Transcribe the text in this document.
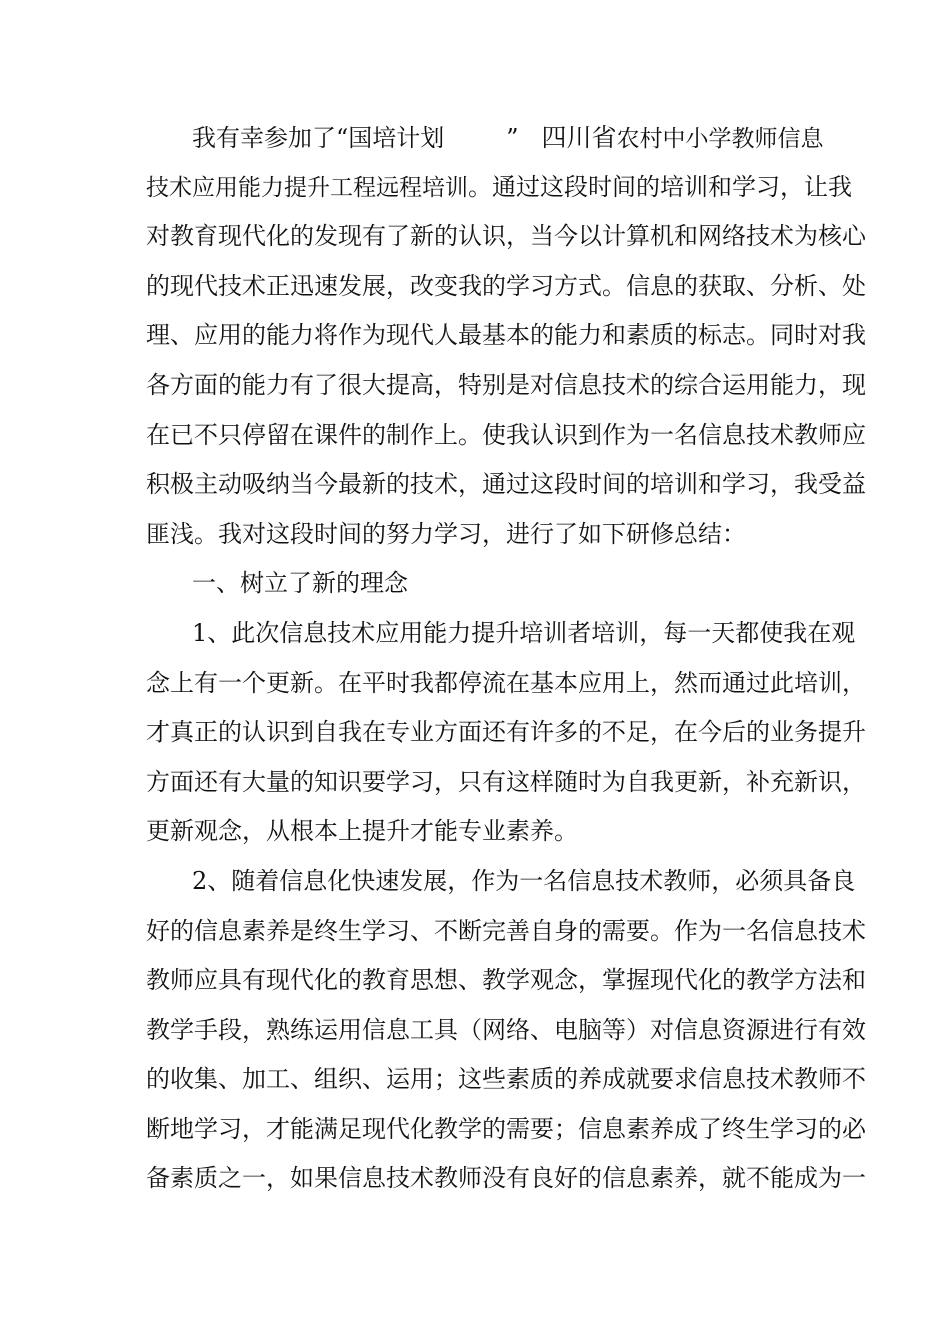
我有幸参加了“国培计划	” 四川省农村中小学教师信息
技术应用能力提升工程远程培训。通过这段时间的培训和学习，让我
对教育现代化的发现有了新的认识，当今以计算机和网络技术为核心
的现代技术正迅速发展，改变我的学习方式。信息的获取、分析、处
理、应用的能力将作为现代人最基本的能力和素质的标志。同时对我
各方面的能力有了很大提高，特别是对信息技术的综合运用能力，现
在已不只停留在课件的制作上。使我认识到作为一名信息技术教师应
积极主动吸纳当今最新的技术，通过这段时间的培训和学习，我受益
匪浅。我对这段时间的努力学习，进行了如下研修总结：
一、树立了新的理念
1、此次信息技术应用能力提升培训者培训，每一天都使我在观
念上有一个更新。在平时我都停流在基本应用上，然而通过此培训，
才真正的认识到自我在专业方面还有许多的不足，在今后的业务提升
方面还有大量的知识要学习，只有这样随时为自我更新，补充新识，
更新观念，从根本上提升才能专业素养。
2、随着信息化快速发展，作为一名信息技术教师，必须具备良
好的信息素养是终生学习、不断完善自身的需要。作为一名信息技术
教师应具有现代化的教育思想、教学观念，掌握现代化的教学方法和
教学手段，熟练运用信息工具（网络、电脑等）对信息资源进行有效
的收集、加工、组织、运用；这些素质的养成就要求信息技术教师不
断地学习，才能满足现代化教学的需要；信息素养成了终生学习的必
备素质之一，如果信息技术教师没有良好的信息素养，就不能成为一
